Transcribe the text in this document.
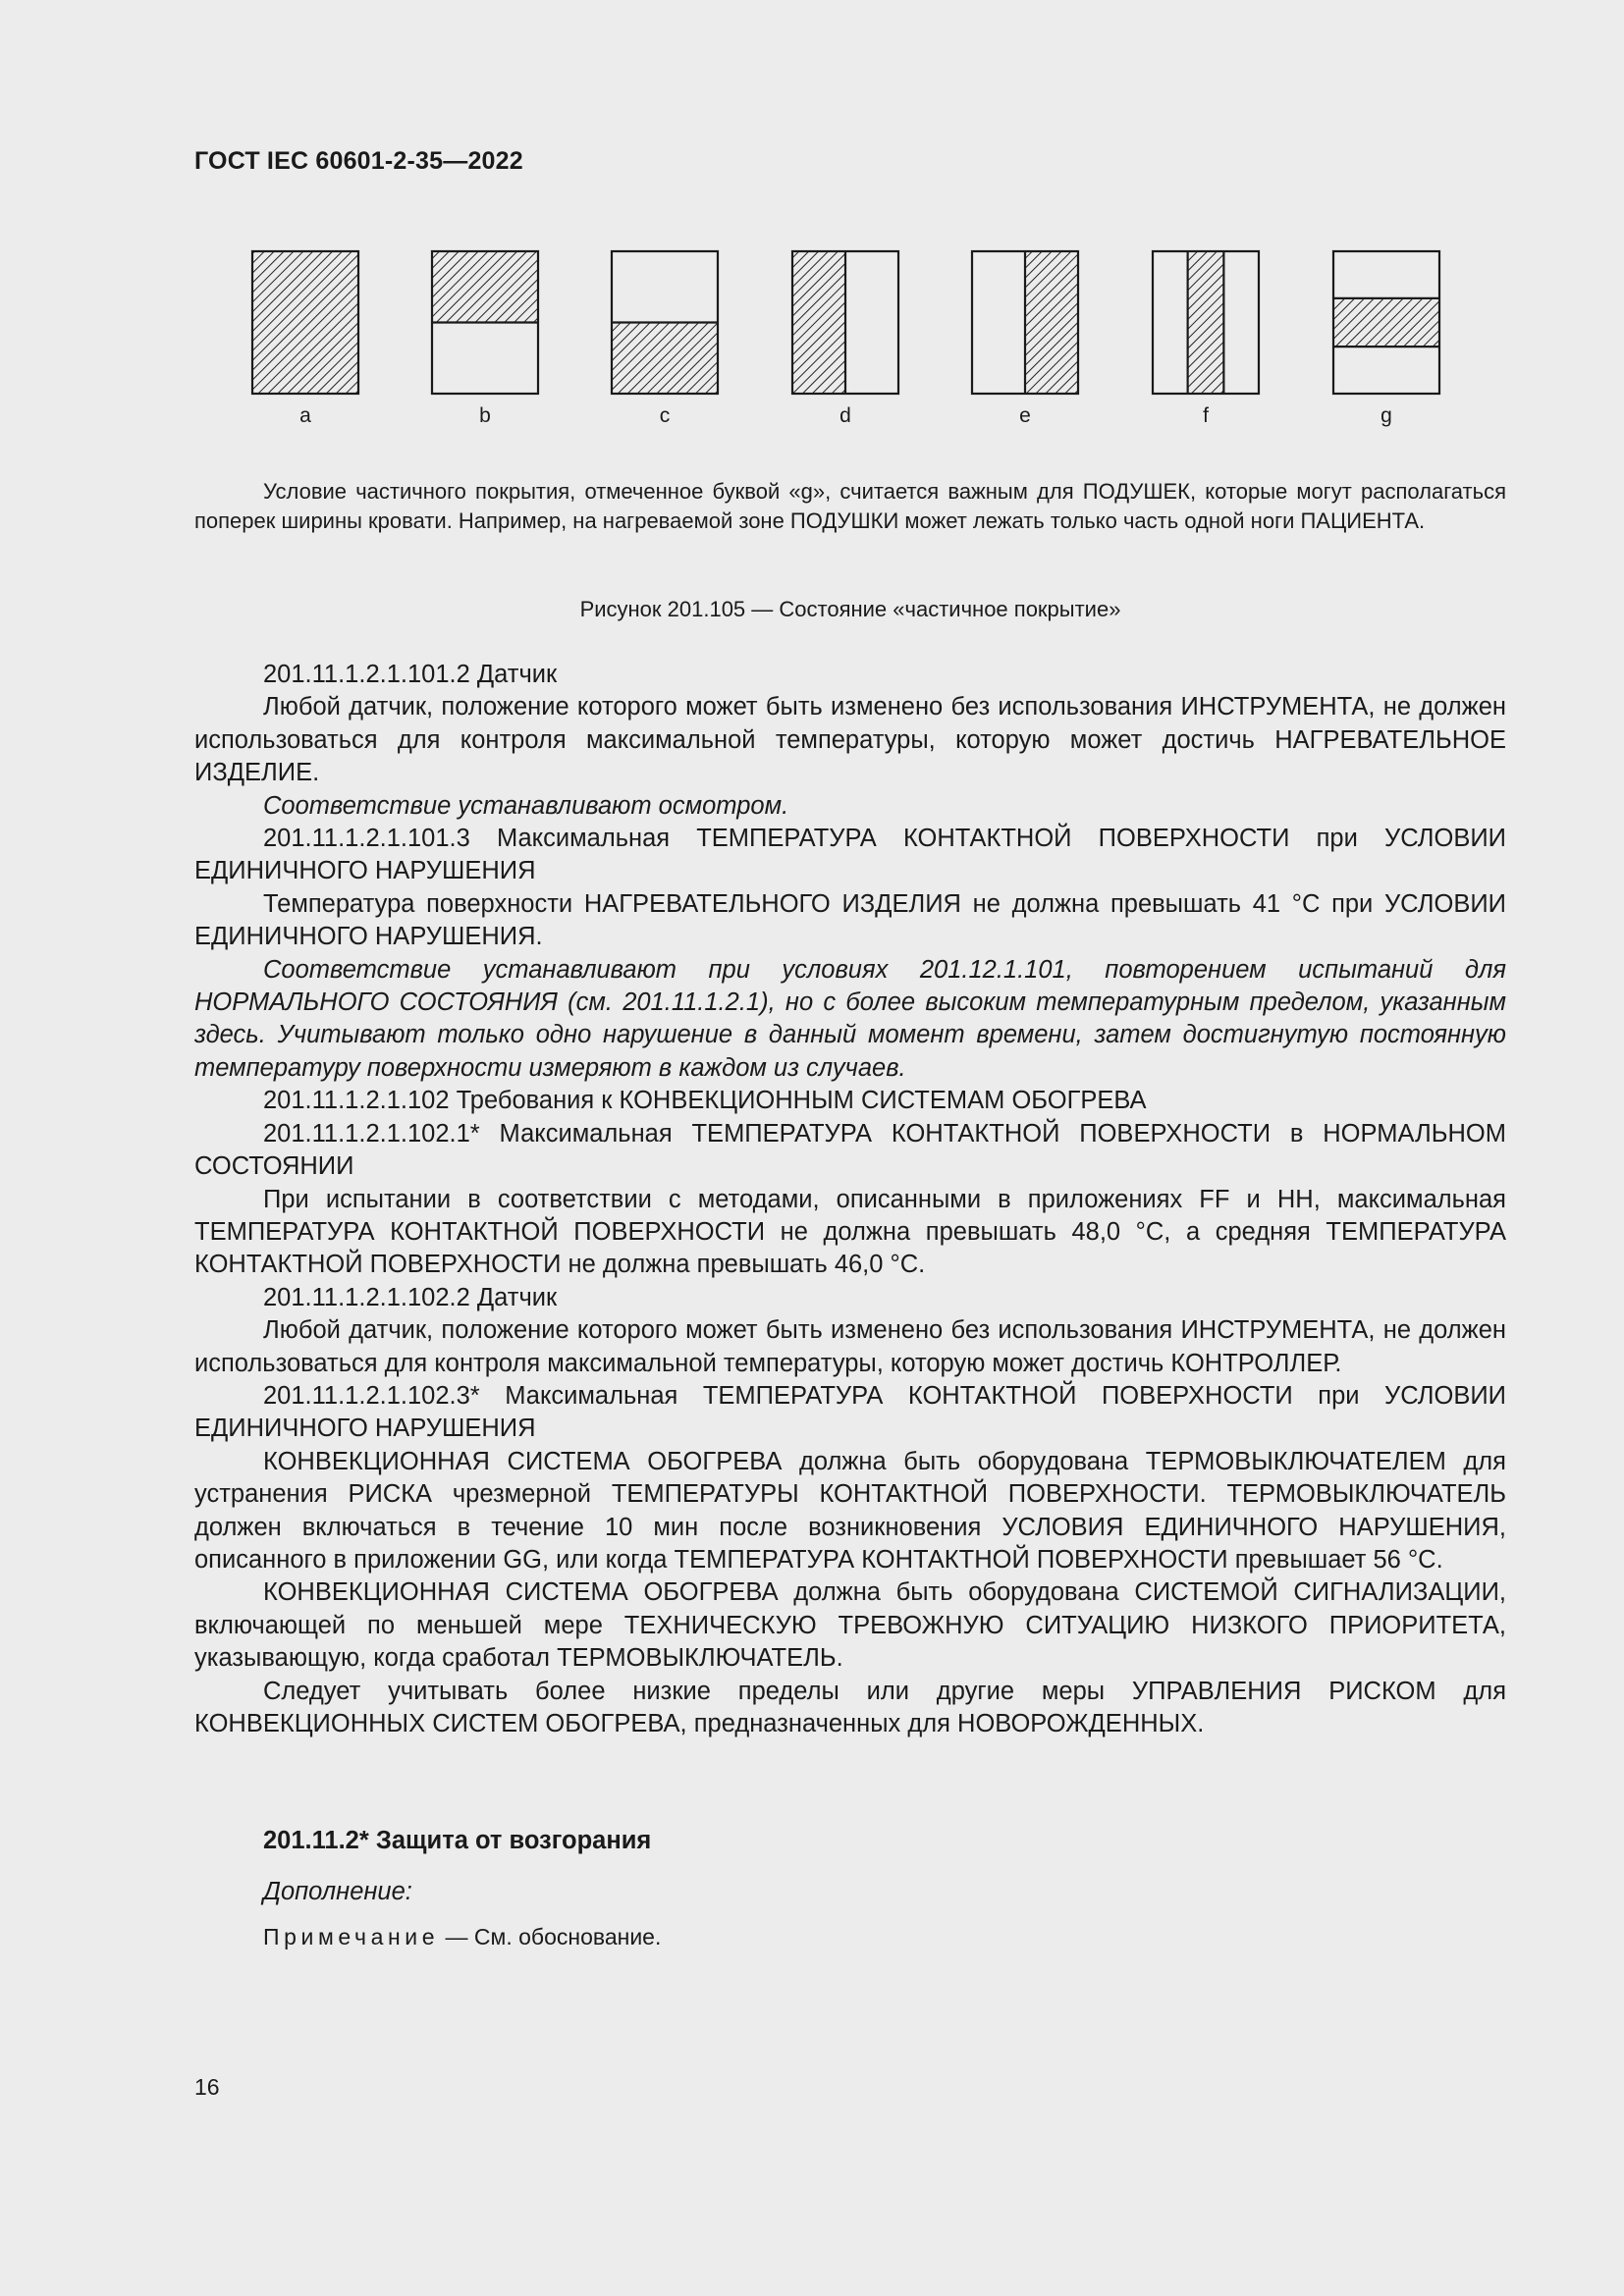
ГОСТ IEC 60601-2-35—2022
a	b	c	d	e	f	g

Условие частичного покрытия, отмеченное буквой «g», считается важным для ПОДУШЕК, которые могут располагаться поперек ширины кровати. Например, на нагреваемой зоне ПОДУШКИ может лежать только часть одной ноги ПАЦИЕНТА.

Рисунок 201.105 — Состояние «частичное покрытие»

201.11.1.2.1.101.2 Датчик

Любой датчик, положение которого может быть изменено без использования ИНСТРУМЕНТА, не должен использоваться для контроля максимальной температуры, которую может достичь НАГРЕВАТЕЛЬНОЕ ИЗДЕЛИЕ.

Соответствие устанавливают осмотром.

201.11.1.2.1.101.3 Максимальная ТЕМПЕРАТУРА КОНТАКТНОЙ ПОВЕРХНОСТИ при УСЛОВИИ ЕДИНИЧНОГО НАРУШЕНИЯ

Температура поверхности НАГРЕВАТЕЛЬНОГО ИЗДЕЛИЯ не должна превышать 41 °С при УСЛОВИИ ЕДИНИЧНОГО НАРУШЕНИЯ.

Соответствие устанавливают при условиях 201.12.1.101, повторением испытаний для НОРМАЛЬНОГО СОСТОЯНИЯ (см. 201.11.1.2.1), но с более высоким температурным пределом, указанным здесь. Учитывают только одно нарушение в данный момент времени, затем достигнутую постоянную температуру поверхности измеряют в каждом из случаев.

201.11.1.2.1.102 Требования к КОНВЕКЦИОННЫМ СИСТЕМАМ ОБОГРЕВА

201.11.1.2.1.102.1* Максимальная ТЕМПЕРАТУРА КОНТАКТНОЙ ПОВЕРХНОСТИ в НОРМАЛЬНОМ СОСТОЯНИИ

При испытании в соответствии с методами, описанными в приложениях FF и HH, максимальная ТЕМПЕРАТУРА КОНТАКТНОЙ ПОВЕРХНОСТИ не должна превышать 48,0 °С, а средняя ТЕМПЕРАТУРА КОНТАКТНОЙ ПОВЕРХНОСТИ не должна превышать 46,0 °С.

201.11.1.2.1.102.2 Датчик

Любой датчик, положение которого может быть изменено без использования ИНСТРУМЕНТА, не должен использоваться для контроля максимальной температуры, которую может достичь КОНТРОЛЛЕР.

201.11.1.2.1.102.3* Максимальная ТЕМПЕРАТУРА КОНТАКТНОЙ ПОВЕРХНОСТИ при УСЛОВИИ ЕДИНИЧНОГО НАРУШЕНИЯ

КОНВЕКЦИОННАЯ СИСТЕМА ОБОГРЕВА должна быть оборудована ТЕРМОВЫКЛЮЧАТЕЛЕМ для устранения РИСКА чрезмерной ТЕМПЕРАТУРЫ КОНТАКТНОЙ ПОВЕРХНОСТИ. ТЕРМОВЫКЛЮЧАТЕЛЬ должен включаться в течение 10 мин после возникновения УСЛОВИЯ ЕДИНИЧНОГО НАРУШЕНИЯ, описанного в приложении GG, или когда ТЕМПЕРАТУРА КОНТАКТНОЙ ПОВЕРХНОСТИ превышает 56 °С.

КОНВЕКЦИОННАЯ СИСТЕМА ОБОГРЕВА должна быть оборудована СИСТЕМОЙ СИГНАЛИЗАЦИИ, включающей по меньшей мере ТЕХНИЧЕСКУЮ ТРЕВОЖНУЮ СИТУАЦИЮ НИЗКОГО ПРИОРИТЕТА, указывающую, когда сработал ТЕРМОВЫКЛЮЧАТЕЛЬ.

Следует учитывать более низкие пределы или другие меры УПРАВЛЕНИЯ РИСКОМ для КОНВЕКЦИОННЫХ СИСТЕМ ОБОГРЕВА, предназначенных для НОВОРОЖДЕННЫХ.

201.11.2* Защита от возгорания
Дополнение:
Примечание — См. обоснование.
16
